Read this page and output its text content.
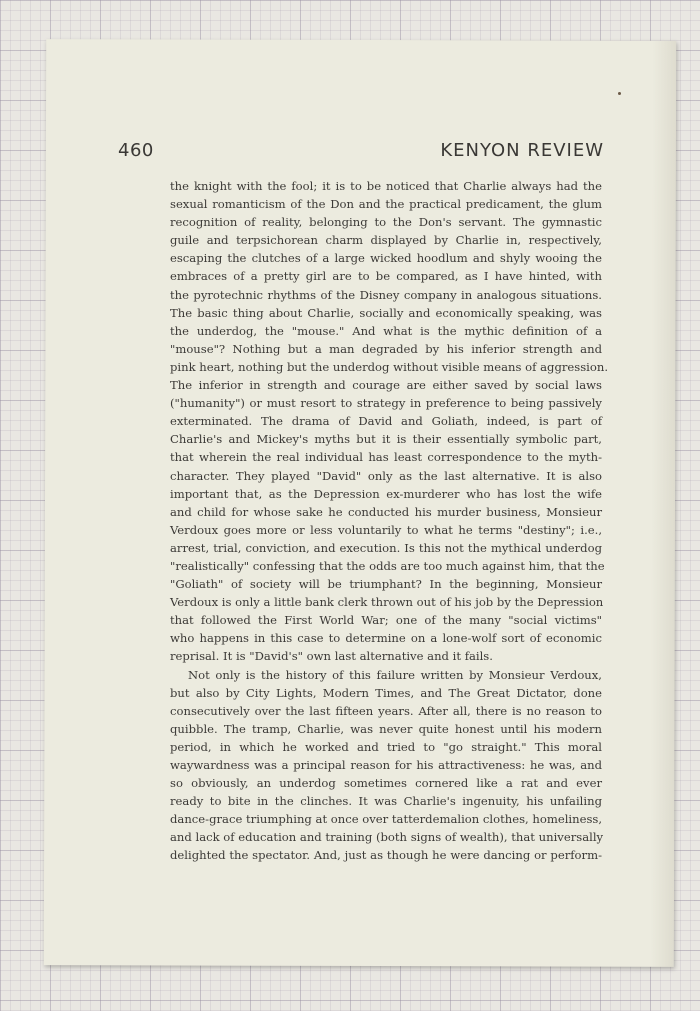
460	KENYON REVIEW
the knight with the fool; it is to be noticed that Charlie always had the
sexual romanticism of the Don and the practical predicament, the glum
recognition of reality, belonging to the Don's servant. The gymnastic
guile and terpsichorean charm displayed by Charlie in, respectively,
escaping the clutches of a large wicked hoodlum and shyly wooing the
embraces of a pretty girl are to be compared, as I have hinted, with
the pyrotechnic rhythms of the Disney company in analogous situations.
The basic thing about Charlie, socially and economically speaking, was
the underdog, the "mouse." And what is the mythic definition of a
"mouse"? Nothing but a man degraded by his inferior strength and
pink heart, nothing but the underdog without visible means of aggression.
The inferior in strength and courage are either saved by social laws
("humanity") or must resort to strategy in preference to being passively
exterminated. The drama of David and Goliath, indeed, is part of
Charlie's and Mickey's myths but it is their essentially symbolic part,
that wherein the real individual has least correspondence to the myth-
character. They played "David" only as the last alternative. It is also
important that, as the Depression ex-murderer who has lost the wife
and child for whose sake he conducted his murder business, Monsieur
Verdoux goes more or less voluntarily to what he terms "destiny"; i.e.,
arrest, trial, conviction, and execution. Is this not the mythical underdog
"realistically" confessing that the odds are too much against him, that the
"Goliath" of society will be triumphant? In the beginning, Monsieur
Verdoux is only a little bank clerk thrown out of his job by the Depression
that followed the First World War; one of the many "social victims"
who happens in this case to determine on a lone-wolf sort of economic
reprisal. It is "David's" own last alternative and it fails.
Not only is the history of this failure written by Monsieur Verdoux,
but also by City Lights, Modern Times, and The Great Dictator, done
consecutively over the last fifteen years. After all, there is no reason to
quibble. The tramp, Charlie, was never quite honest until his modern
period, in which he worked and tried to "go straight." This moral
waywardness was a principal reason for his attractiveness: he was, and
so obviously, an underdog sometimes cornered like a rat and ever
ready to bite in the clinches. It was Charlie's ingenuity, his unfailing
dance-grace triumphing at once over tatterdemalion clothes, homeliness,
and lack of education and training (both signs of wealth), that universally
delighted the spectator. And, just as though he were dancing or perform-
